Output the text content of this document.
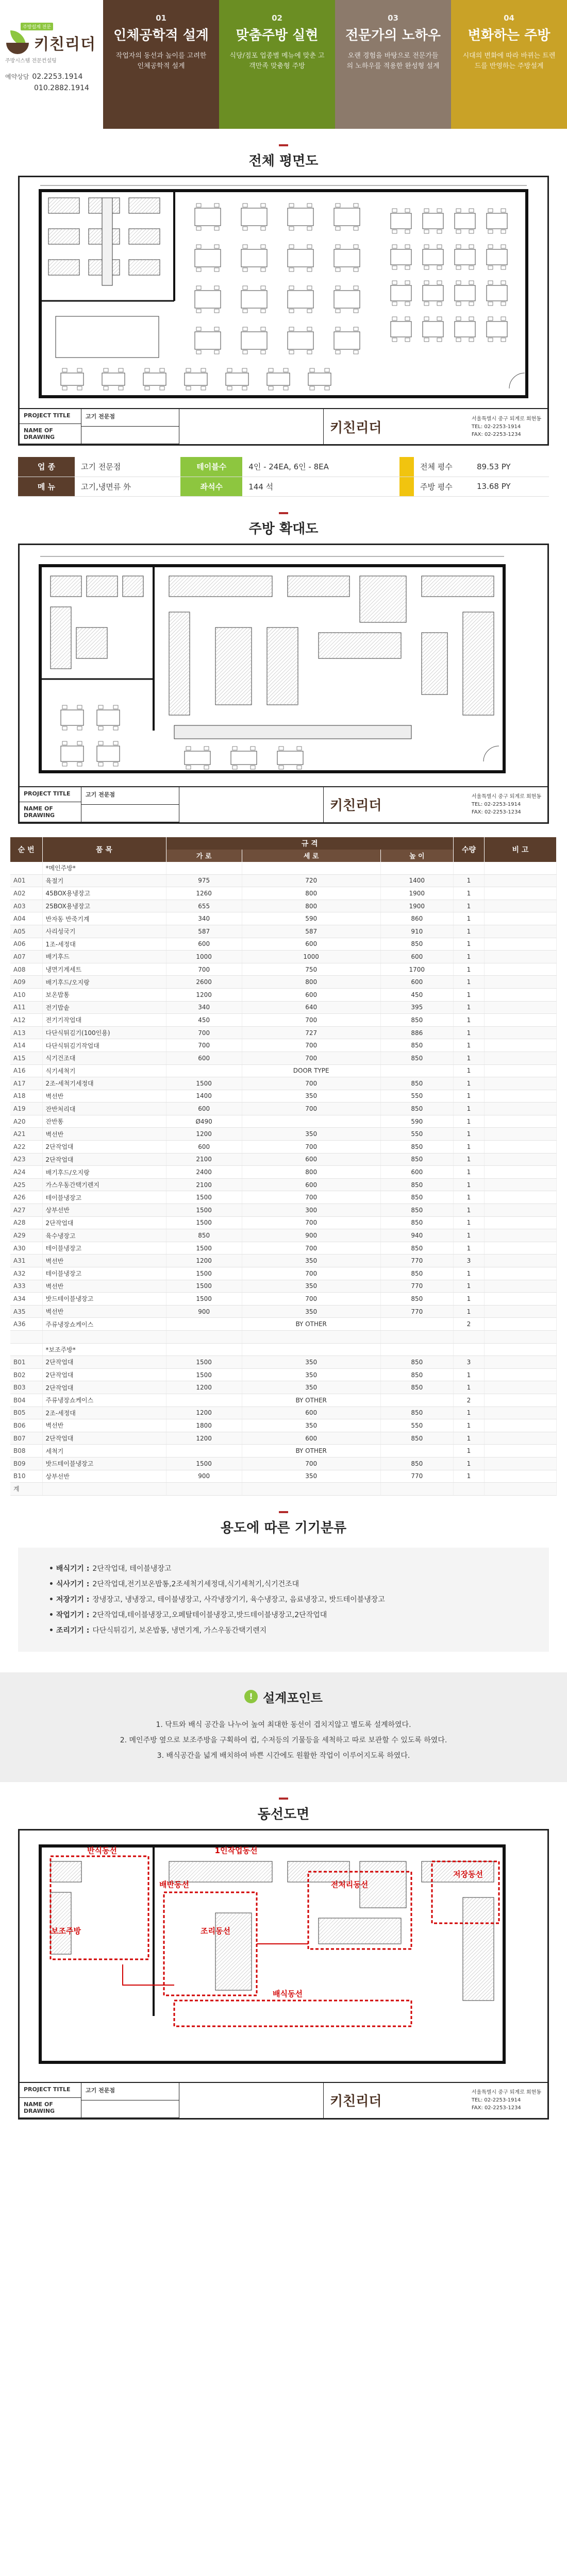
주방설계 전문
키친리더
주방시스템 전문컨설팅
예약상담 02.2253.1914
010.2882.1914
01
인체공학적 설계
작업자의 동선과 높이를 고려한 인체공학적 설계
02
맞춤주방 실현
식당/점포 업종별 메뉴에 맞춘 고객만족 맞춤형 주방
03
전문가의 노하우
오랜 경험을 바탕으로 전문가들의 노하우를 적용한 완성형 설계
04
변화하는 주방
시대의 변화에 따라 바뀌는 트렌드를 반영하는 주방설계
전체 평면도
PROJECT TITLE
NAME OF DRAWING
고기 전문점
키친리더
서울특별시 중구 퇴계로 회현동
TEL: 02-2253-1914
FAX: 02-2253-1234
업 종	고기 전문점	테이블수	4인 - 24EA, 6인 - 8EA		전체 평수	89.53 PY
메 뉴	고기,냉면류 外	좌석수	144 석		주방 평수	13.68 PY
주방 확대도
PROJECT TITLE
NAME OF DRAWING
고기 전문점
키친리더
서울특별시 중구 퇴계로 회현동
TEL: 02-2253-1914
FAX: 02-2253-1234
순 번	품 목	규 격			수량	비 고
		가 로	세 로	높 이		
	*메인주방*					
A01	육절기	975	720	1400	1	
A02	45BOX용냉장고	1260	800	1900	1	
A03	25BOX용냉장고	655	800	1900	1	
A04	반자동 반죽기계	340	590	860	1	
A05	사리성국기	587	587	910	1	
A06	1조-세정대	600	600	850	1	
A07	배기후드	1000	1000	600	1	
A08	냉면기계세트	700	750	1700	1	
A09	배기후드/오지랑	2600	800	600	1	
A10	보온밥통	1200	600	450	1	
A11	전기밥솥	340	640	395	1	
A12	전기기작업대	450	700	850	1	
A13	다단식튀김기(100인용)	700	727	886	1	
A14	다단식튀김기작업대	700	700	850	1	
A15	식기건조대	600	700	850	1	
A16	식기세척기		DOOR TYPE		1	
A17	2조-세척기세정대	1500	700	850	1	
A18	벽선반	1400	350	550	1	
A19	잔반처리대	600	700	850	1	
A20	잔반통	Ø490		590	1	
A21	벽선반	1200	350	550	1	
A22	2단작업대	600	700	850	1	
A23	2단작업대	2100	600	850	1	
A24	배기후드/오지랑	2400	800	600	1	
A25	가스우동간택기렌지	2100	600	850	1	
A26	테이블냉장고	1500	700	850	1	
A27	상부선반	1500	300	850	1	
A28	2단작업대	1500	700	850	1	
A29	육수냉장고	850	900	940	1	
A30	테이블냉장고	1500	700	850	1	
A31	벽선반	1200	350	770	3	
A32	테이블냉장고	1500	700	850	1	
A33	벽선반	1500	350	770	1	
A34	밧드테이블냉장고	1500	700	850	1	
A35	벽선반	900	350	770	1	
A36	주류냉장쇼케이스		BY OTHER		2	

	*보조주방*					
B01	2단작업대	1500	350	850	3	
B02	2단작업대	1500	350	850	1	
B03	2단작업대	1200	350	850	1	
B04	주류냉장쇼케이스		BY OTHER		2	
B05	2조-세정대	1200	600	850	1	
B06	벽선반	1800	350	550	1	
B07	2단작업대	1200	600	850	1	
B08	세척기		BY OTHER		1	
B09	밧드테이블냉장고	1500	700	850	1	
B10	상부선반	900	350	770	1	
계						
용도에 따른 기기분류
• 배식기기 : 2단작업대, 테이블냉장고
• 식사기기 : 2단작업대,전기보온밥통,2조세척기세정대,식기세척기,식기건조대
• 저장기기 : 장냉장고, 냉냉장고, 테이블냉장고, 사각냉장기기, 육수냉장고, 음료냉장고, 밧드테이블냉장고
• 작업기기 : 2단작업대,테이블냉장고,오페탈테이블냉장고,밧드테이블냉장고,2단작업대
• 조리기기 : 다단식튀김기, 보온밥통, 냉면기계, 가스우동간택기렌지
! 설계포인트
1. 닥트와 배식 공간을 나누어 높여 최대한 동선이 겹치지않고 별도록 설계하였다.
2. 메인주방 옆으로 보조주방을 구획하여 컵, 수저등의 기물등을 세척하고 따로 보관할 수 있도록 하였다.
3. 배식공간을 넓게 배치하여 바쁜 시간에도 원활한 작업이 이루어지도록 하였다.
동선도면
반식동선	1인작업동선
저장동선
보조주방
배반동선
조리동선
전처리동선
배식동선
PROJECT TITLE
NAME OF DRAWING
고기 전문점
키친리더
서울특별시 중구 퇴계로 회현동
TEL: 02-2253-1914
FAX: 02-2253-1234
